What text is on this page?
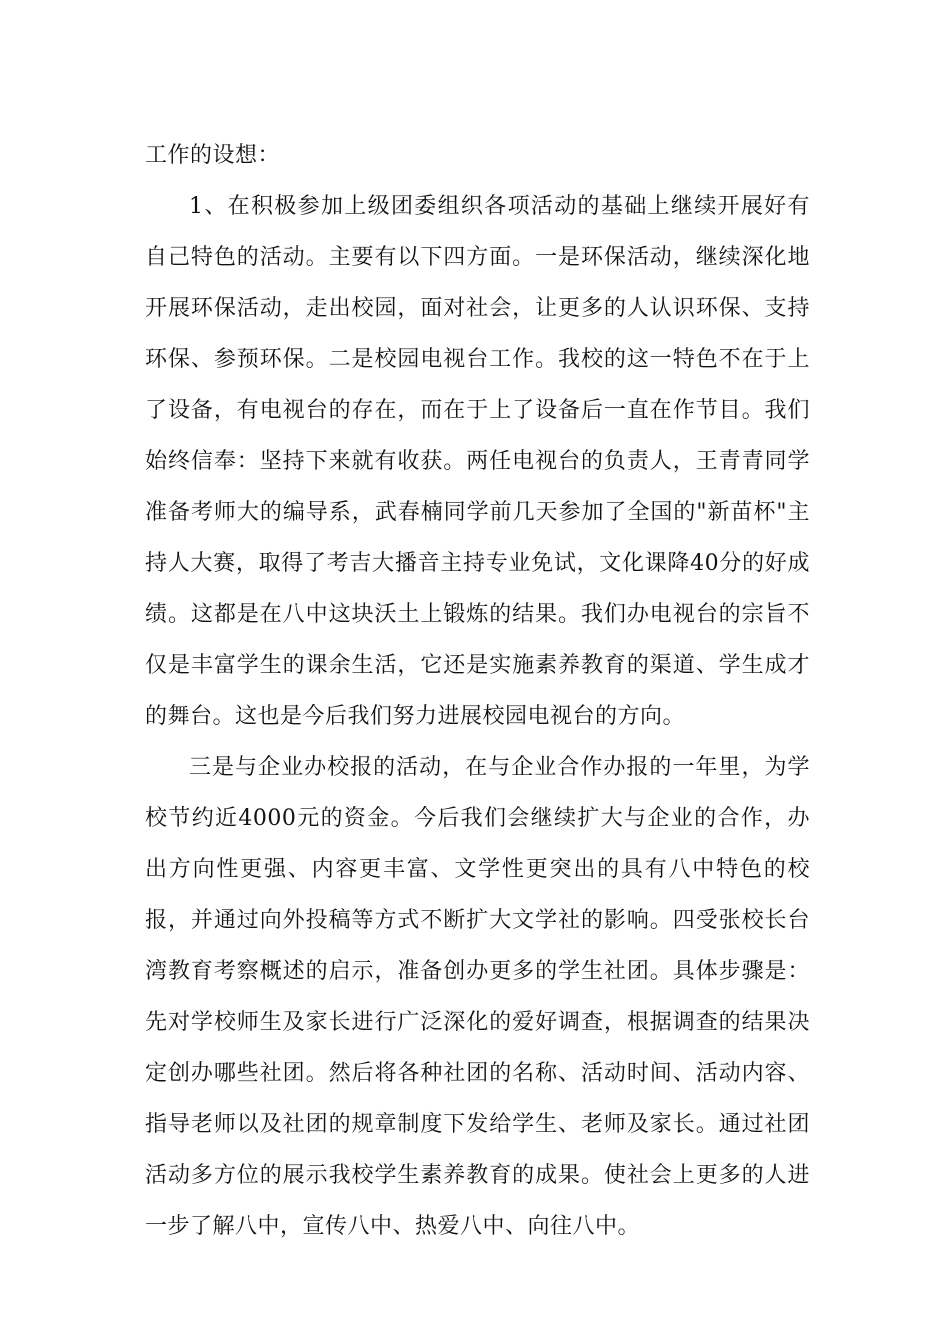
工作的设想：

1、在积极参加上级团委组织各项活动的基础上继续开展好有自己特色的活动。主要有以下四方面。一是环保活动，继续深化地开展环保活动，走出校园，面对社会，让更多的人认识环保、支持环保、参预环保。二是校园电视台工作。我校的这一特色不在于上了设备，有电视台的存在，而在于上了设备后一直在作节目。我们始终信奉：坚持下来就有收获。两任电视台的负责人，王青青同学准备考师大的编导系，武春楠同学前几天参加了全国的"新苗杯"主持人大赛，取得了考吉大播音主持专业免试，文化课降40分的好成绩。这都是在八中这块沃土上锻炼的结果。我们办电视台的宗旨不仅是丰富学生的课余生活，它还是实施素养教育的渠道、学生成才的舞台。这也是今后我们努力进展校园电视台的方向。

三是与企业办校报的活动，在与企业合作办报的一年里，为学校节约近4000元的资金。今后我们会继续扩大与企业的合作，办出方向性更强、内容更丰富、文学性更突出的具有八中特色的校报，并通过向外投稿等方式不断扩大文学社的影响。四受张校长台湾教育考察概述的启示，准备创办更多的学生社团。具体步骤是：先对学校师生及家长进行广泛深化的爱好调查，根据调查的结果决定创办哪些社团。然后将各种社团的名称、活动时间、活动内容、指导老师以及社团的规章制度下发给学生、老师及家长。通过社团活动多方位的展示我校学生素养教育的成果。使社会上更多的人进一步了解八中，宣传八中、热爱八中、向往八中。
